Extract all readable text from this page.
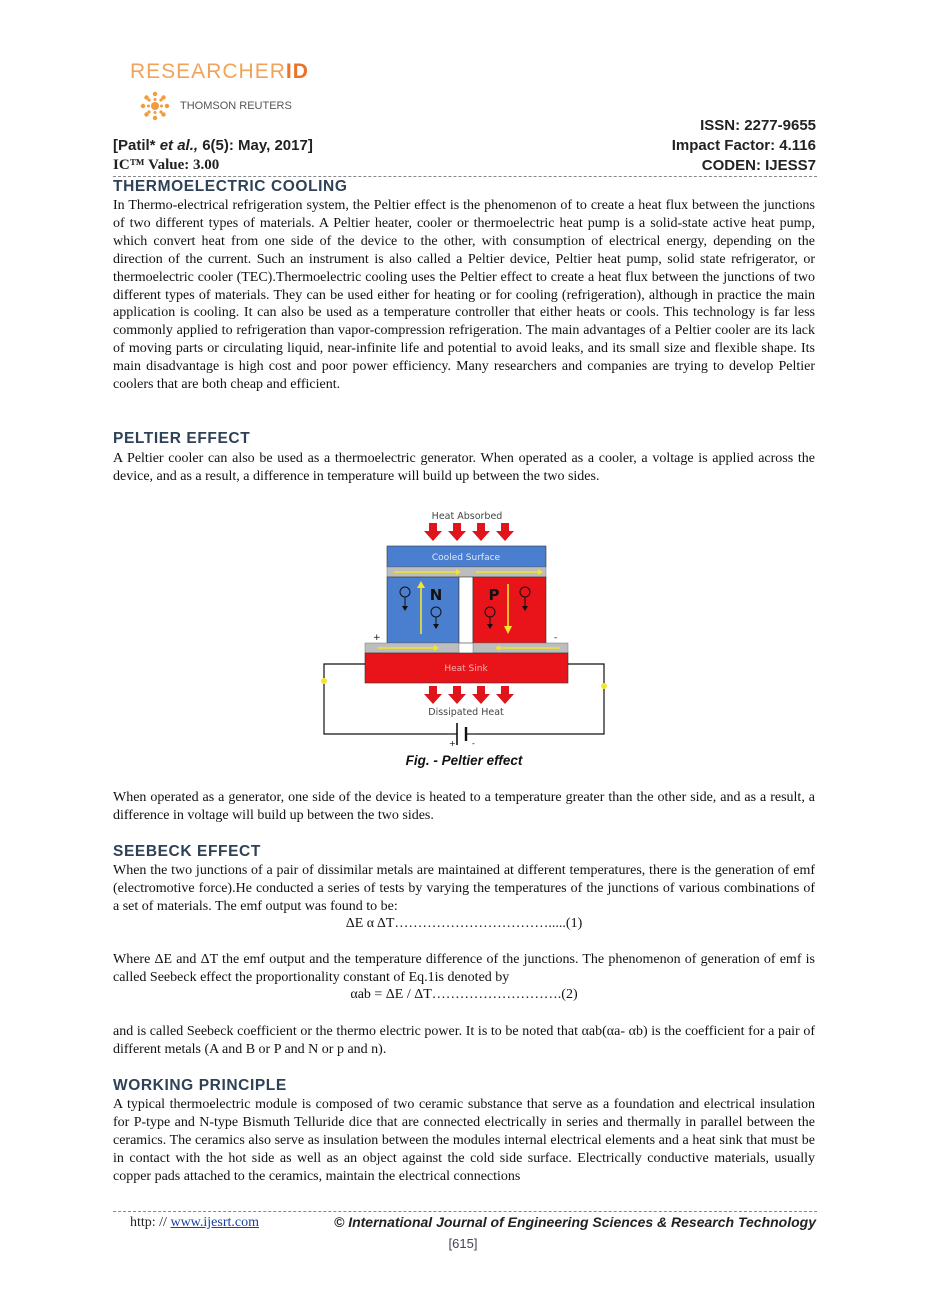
RESEARCHERID
THOMSON REUTERS
[Patil* et al., 6(5): May, 2017]
IC™ Value: 3.00
ISSN: 2277-9655
Impact Factor: 4.116
CODEN: IJESS7
THERMOELECTRIC COOLING

In Thermo-electrical refrigeration system, the Peltier effect is the phenomenon of to create a heat flux between the junctions of two different types of materials. A Peltier heater, cooler or thermoelectric heat pump is a solid-state active heat pump, which convert heat from one side of the device to the other, with consumption of electrical energy, depending on the direction of the current. Such an instrument is also called a Peltier device, Peltier heat pump, solid state refrigerator, or thermoelectric cooler (TEC).Thermoelectric cooling uses the Peltier effect to create a heat flux between the junctions of two different types of materials. They can be used either for heating or for cooling (refrigeration), although in practice the main application is cooling. It can also be used as a temperature controller that either heats or cools. This technology is far less commonly applied to refrigeration than vapor-compression refrigeration. The main advantages of a Peltier cooler are its lack of moving parts or circulating liquid, near-infinite life and potential to avoid leaks, and its small size and flexible shape. Its main disadvantage is high cost and poor power efficiency. Many researchers and companies are trying to develop Peltier coolers that are both cheap and efficient.

PELTIER EFFECT

A Peltier cooler can also be used as a thermoelectric generator. When operated as a cooler, a voltage is applied across the device, and as a result, a difference in temperature will build up between the two sides.

Heat Absorbed
Cooled Surface
N	P
+	-
Heat Sink
+ -
Dissipated Heat
Fig. - Peltier effect

When operated as a generator, one side of the device is heated to a temperature greater than the other side, and as a result, a difference in voltage will build up between the two sides.

SEEBECK EFFECT

When the two junctions of a pair of dissimilar metals are maintained at different temperatures, there is the generation of emf (electromotive force).He conducted a series of tests by varying the temperatures of the junctions of various combinations of a set of materials. The emf output was found to be:

ΔE α ΔT…………………………….....(1)

Where ΔE and ΔT the emf output and the temperature difference of the junctions. The phenomenon of generation of emf is called Seebeck effect the proportionality constant of Eq.1is denoted by

αab = ΔE / ΔT……………………….(2)

and is called Seebeck coefficient or the thermo electric power. It is to be noted that αab(αa- αb) is the coefficient for a pair of different metals (A and B or P and N or p and n).

WORKING PRINCIPLE

A typical thermoelectric module is composed of two ceramic substance that serve as a foundation and electrical insulation for P-type and N-type Bismuth Telluride dice that are connected electrically in series and thermally in parallel between the ceramics. The ceramics also serve as insulation between the modules internal electrical elements and a heat sink that must be in contact with the hot side as well as an object against the cold side surface. Electrically conductive materials, usually copper pads attached to the ceramics, maintain the electrical connections

http: // www.ijesrt.com	© International Journal of Engineering Sciences & Research Technology
[615]
